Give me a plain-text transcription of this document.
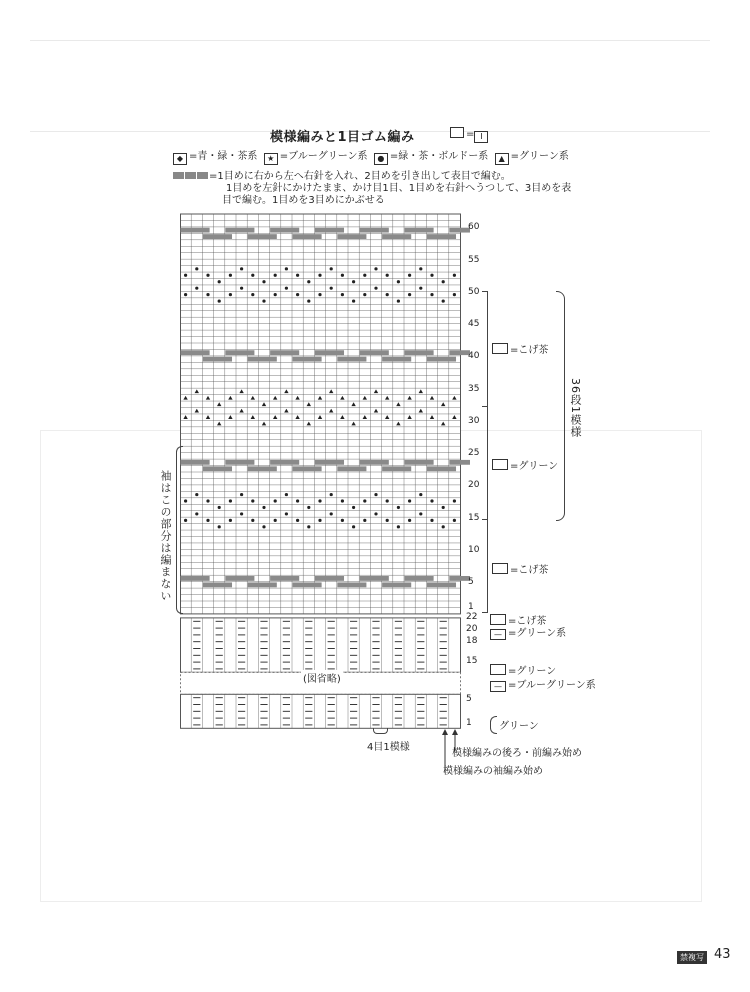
模様編みと1目ゴム編み	= I
◆ =青・緑・茶系 ★ =ブルーグリーン系 ● =緑・茶・ボルドー系 ▲ =グリーン系
=1目めに右から左へ右針を入れ、2目めを引き出して表目で編む。
1目めを左針にかけたまま、かけ目1目、1目めを右針へうつして、3目めを表
目で編む。1目めを3目めにかぶせる
60
55
50
45
40
35
30
25
20
15
10
5
1
22
20
18
15
5
1
=こげ茶
=グリーン
=こげ茶
=こげ茶
— =グリーン系
=グリーン
— =ブルーグリーン系
グリーン
36段1模様
袖はこの部分は編まない
(図省略)
4目1模様
模様編みの後ろ・前編み始め
模様編みの袖編み始め
禁複写 43
